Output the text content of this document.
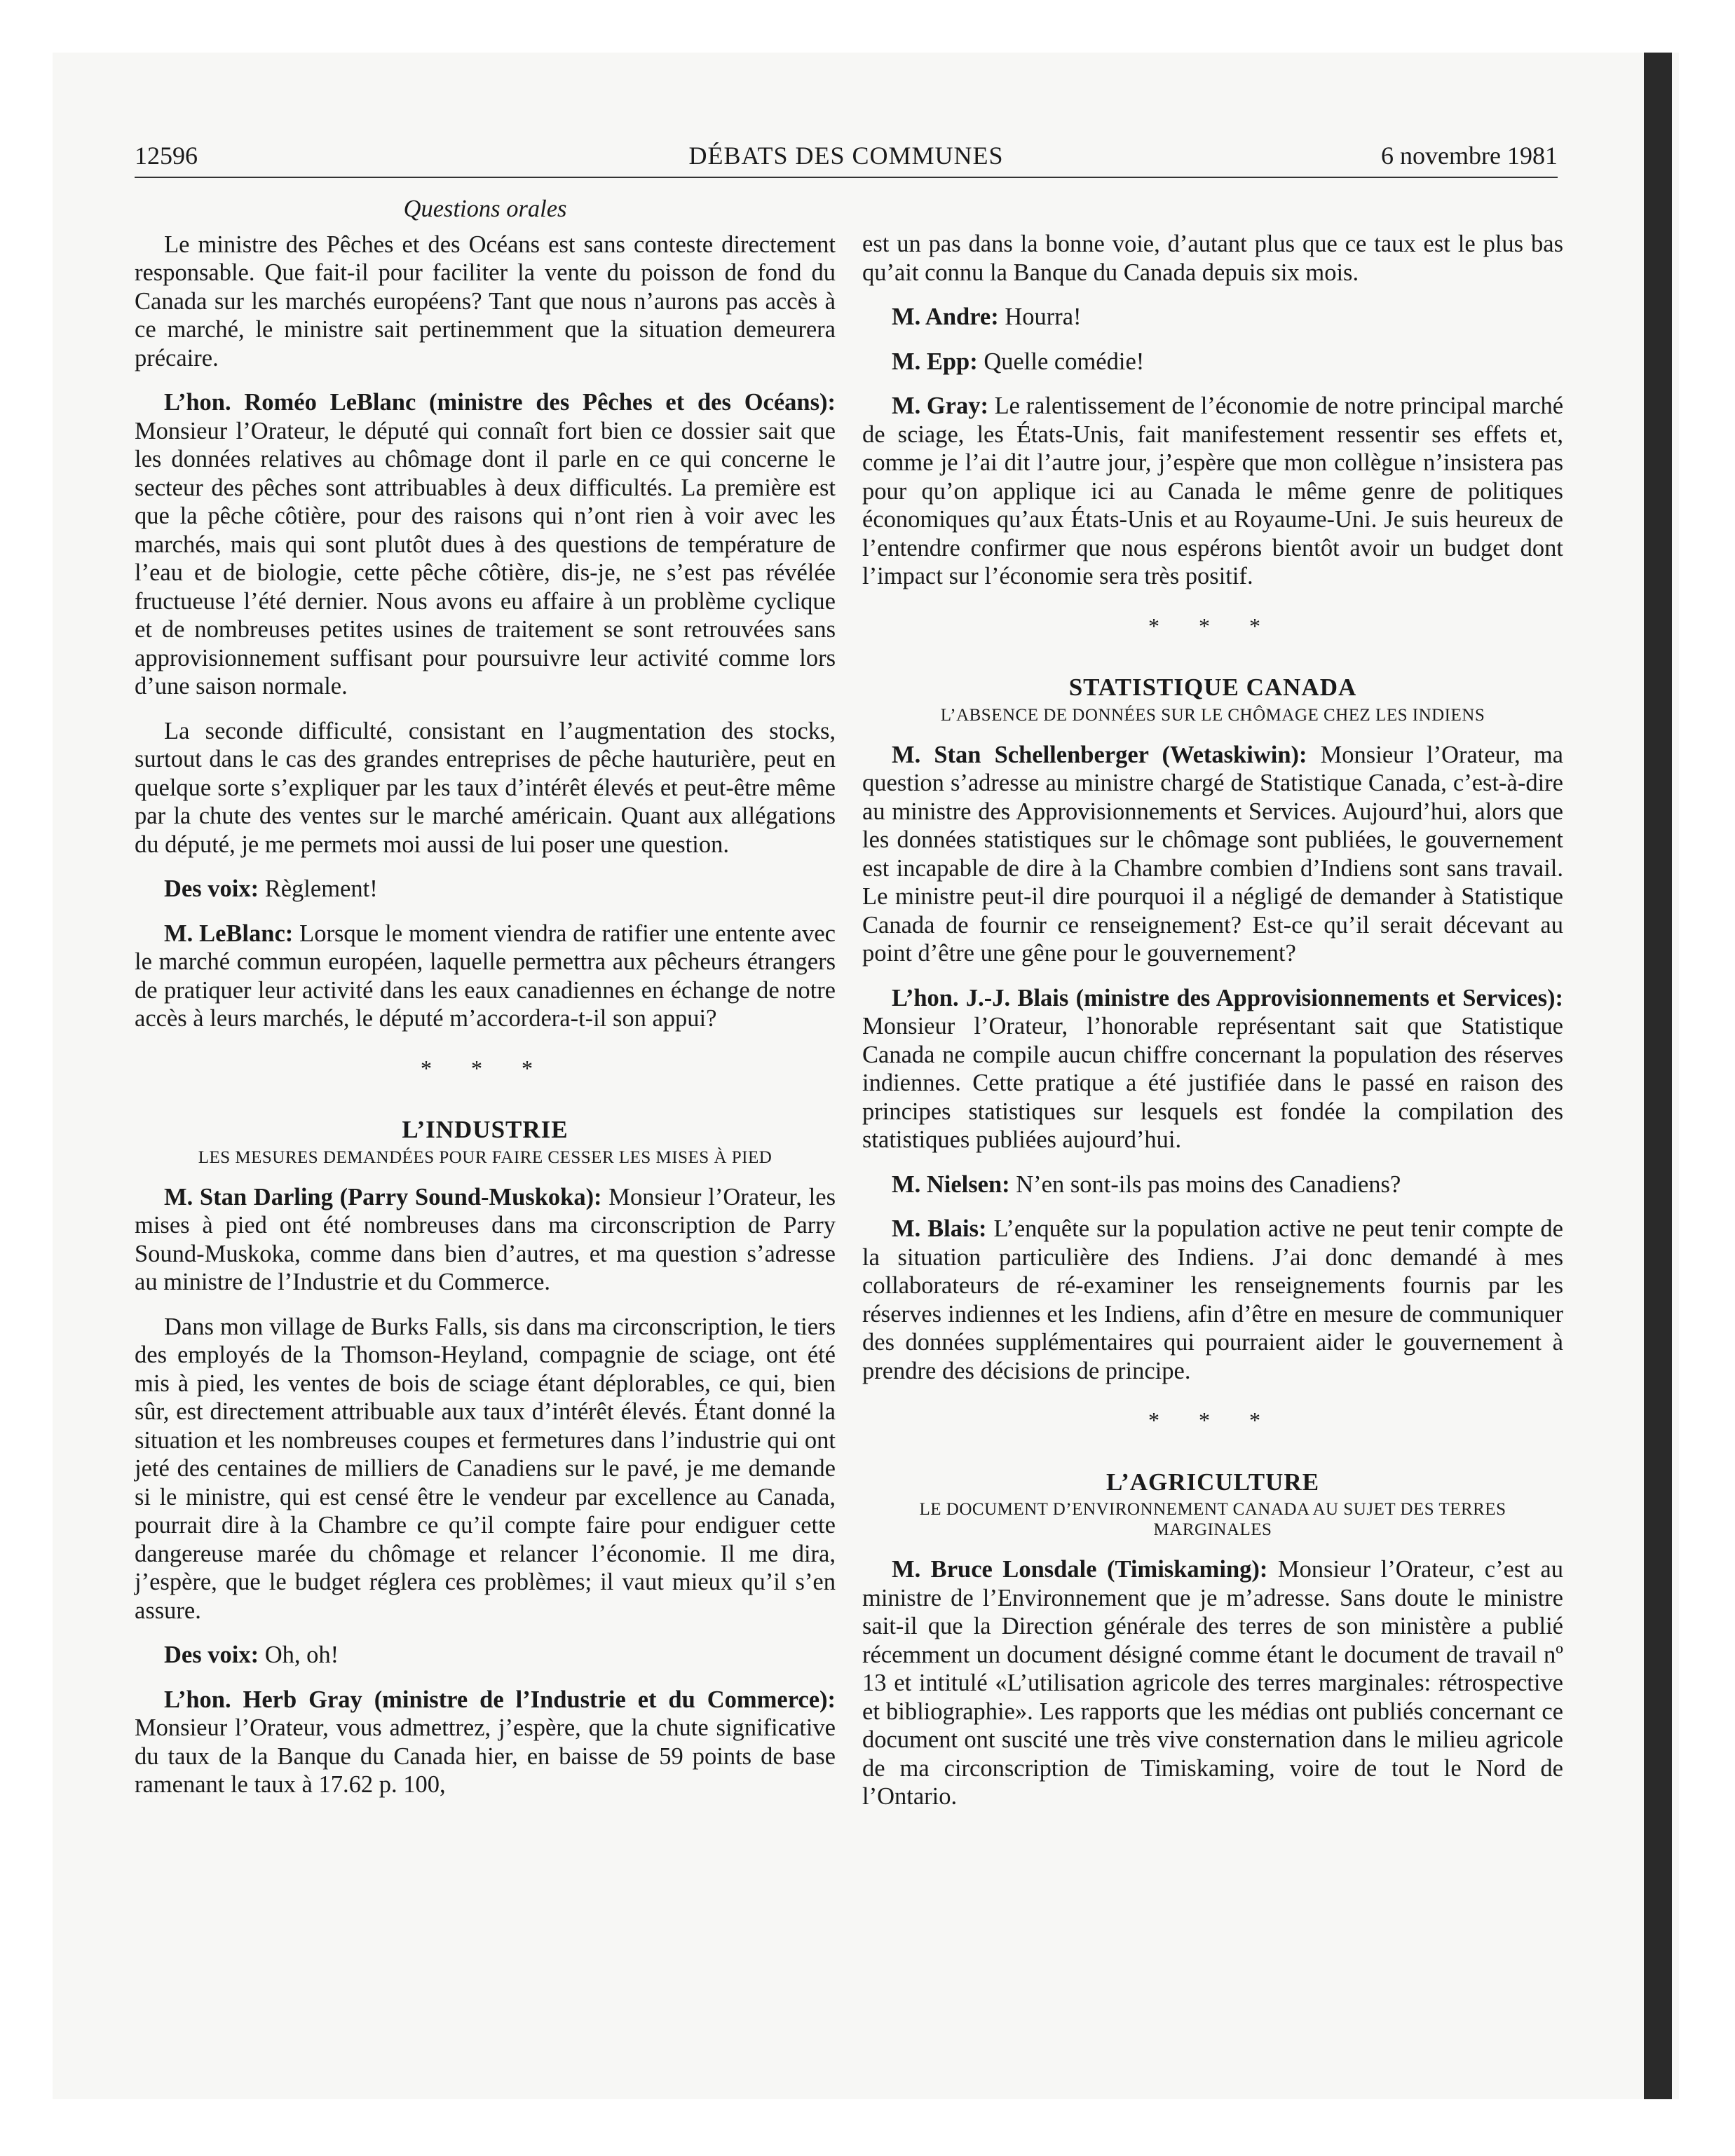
12596	DÉBATS DES COMMUNES	6 novembre 1981
Questions orales

Le ministre des Pêches et des Océans est sans conteste directement responsable. Que fait-il pour faciliter la vente du poisson de fond du Canada sur les marchés européens? Tant que nous n’aurons pas accès à ce marché, le ministre sait pertinemment que la situation demeurera précaire.

L’hon. Roméo LeBlanc (ministre des Pêches et des Océans): Monsieur l’Orateur, le député qui connaît fort bien ce dossier sait que les données relatives au chômage dont il parle en ce qui concerne le secteur des pêches sont attribuables à deux difficultés. La première est que la pêche côtière, pour des raisons qui n’ont rien à voir avec les marchés, mais qui sont plutôt dues à des questions de température de l’eau et de biologie, cette pêche côtière, dis-je, ne s’est pas révélée fructueuse l’été dernier. Nous avons eu affaire à un problème cyclique et de nombreuses petites usines de traitement se sont retrouvées sans approvisionnement suffisant pour poursuivre leur activité comme lors d’une saison normale.

La seconde difficulté, consistant en l’augmentation des stocks, surtout dans le cas des grandes entreprises de pêche hauturière, peut en quelque sorte s’expliquer par les taux d’intérêt élevés et peut-être même par la chute des ventes sur le marché américain. Quant aux allégations du député, je me permets moi aussi de lui poser une question.

Des voix: Règlement!

M. LeBlanc: Lorsque le moment viendra de ratifier une entente avec le marché commun européen, laquelle permettra aux pêcheurs étrangers de pratiquer leur activité dans les eaux canadiennes en échange de notre accès à leurs marchés, le député m’accordera-t-il son appui?

* * *
L’INDUSTRIE
LES MESURES DEMANDÉES POUR FAIRE CESSER LES MISES À PIED

M. Stan Darling (Parry Sound-Muskoka): Monsieur l’Orateur, les mises à pied ont été nombreuses dans ma circonscription de Parry Sound-Muskoka, comme dans bien d’autres, et ma question s’adresse au ministre de l’Industrie et du Commerce.

Dans mon village de Burks Falls, sis dans ma circonscription, le tiers des employés de la Thomson-Heyland, compagnie de sciage, ont été mis à pied, les ventes de bois de sciage étant déplorables, ce qui, bien sûr, est directement attribuable aux taux d’intérêt élevés. Étant donné la situation et les nombreuses coupes et fermetures dans l’industrie qui ont jeté des centaines de milliers de Canadiens sur le pavé, je me demande si le ministre, qui est censé être le vendeur par excellence au Canada, pourrait dire à la Chambre ce qu’il compte faire pour endiguer cette dangereuse marée du chômage et relancer l’économie. Il me dira, j’espère, que le budget réglera ces problèmes; il vaut mieux qu’il s’en assure.

Des voix: Oh, oh!

L’hon. Herb Gray (ministre de l’Industrie et du Commerce): Monsieur l’Orateur, vous admettrez, j’espère, que la chute significative du taux de la Banque du Canada hier, en baisse de 59 points de base ramenant le taux à 17.62 p. 100,

est un pas dans la bonne voie, d’autant plus que ce taux est le plus bas qu’ait connu la Banque du Canada depuis six mois.

M. Andre: Hourra!

M. Epp: Quelle comédie!

M. Gray: Le ralentissement de l’économie de notre principal marché de sciage, les États-Unis, fait manifestement ressentir ses effets et, comme je l’ai dit l’autre jour, j’espère que mon collègue n’insistera pas pour qu’on applique ici au Canada le même genre de politiques économiques qu’aux États-Unis et au Royaume-Uni. Je suis heureux de l’entendre confirmer que nous espérons bientôt avoir un budget dont l’impact sur l’économie sera très positif.

* * *
STATISTIQUE CANADA
L’ABSENCE DE DONNÉES SUR LE CHÔMAGE CHEZ LES INDIENS

M. Stan Schellenberger (Wetaskiwin): Monsieur l’Orateur, ma question s’adresse au ministre chargé de Statistique Canada, c’est-à-dire au ministre des Approvisionnements et Services. Aujourd’hui, alors que les données statistiques sur le chômage sont publiées, le gouvernement est incapable de dire à la Chambre combien d’Indiens sont sans travail. Le ministre peut-il dire pourquoi il a négligé de demander à Statistique Canada de fournir ce renseignement? Est-ce qu’il serait décevant au point d’être une gêne pour le gouvernement?

L’hon. J.-J. Blais (ministre des Approvisionnements et Services): Monsieur l’Orateur, l’honorable représentant sait que Statistique Canada ne compile aucun chiffre concernant la population des réserves indiennes. Cette pratique a été justifiée dans le passé en raison des principes statistiques sur lesquels est fondée la compilation des statistiques publiées aujourd’hui.

M. Nielsen: N’en sont-ils pas moins des Canadiens?

M. Blais: L’enquête sur la population active ne peut tenir compte de la situation particulière des Indiens. J’ai donc demandé à mes collaborateurs de ré-examiner les renseignements fournis par les réserves indiennes et les Indiens, afin d’être en mesure de communiquer des données supplémentaires qui pourraient aider le gouvernement à prendre des décisions de principe.

* * *
L’AGRICULTURE
LE DOCUMENT D’ENVIRONNEMENT CANADA AU SUJET DES TERRES MARGINALES

M. Bruce Lonsdale (Timiskaming): Monsieur l’Orateur, c’est au ministre de l’Environnement que je m’adresse. Sans doute le ministre sait-il que la Direction générale des terres de son ministère a publié récemment un document désigné comme étant le document de travail nº 13 et intitulé «L’utilisation agricole des terres marginales: rétrospective et bibliographie». Les rapports que les médias ont publiés concernant ce document ont suscité une très vive consternation dans le milieu agricole de ma circonscription de Timiskaming, voire de tout le Nord de l’Ontario.
